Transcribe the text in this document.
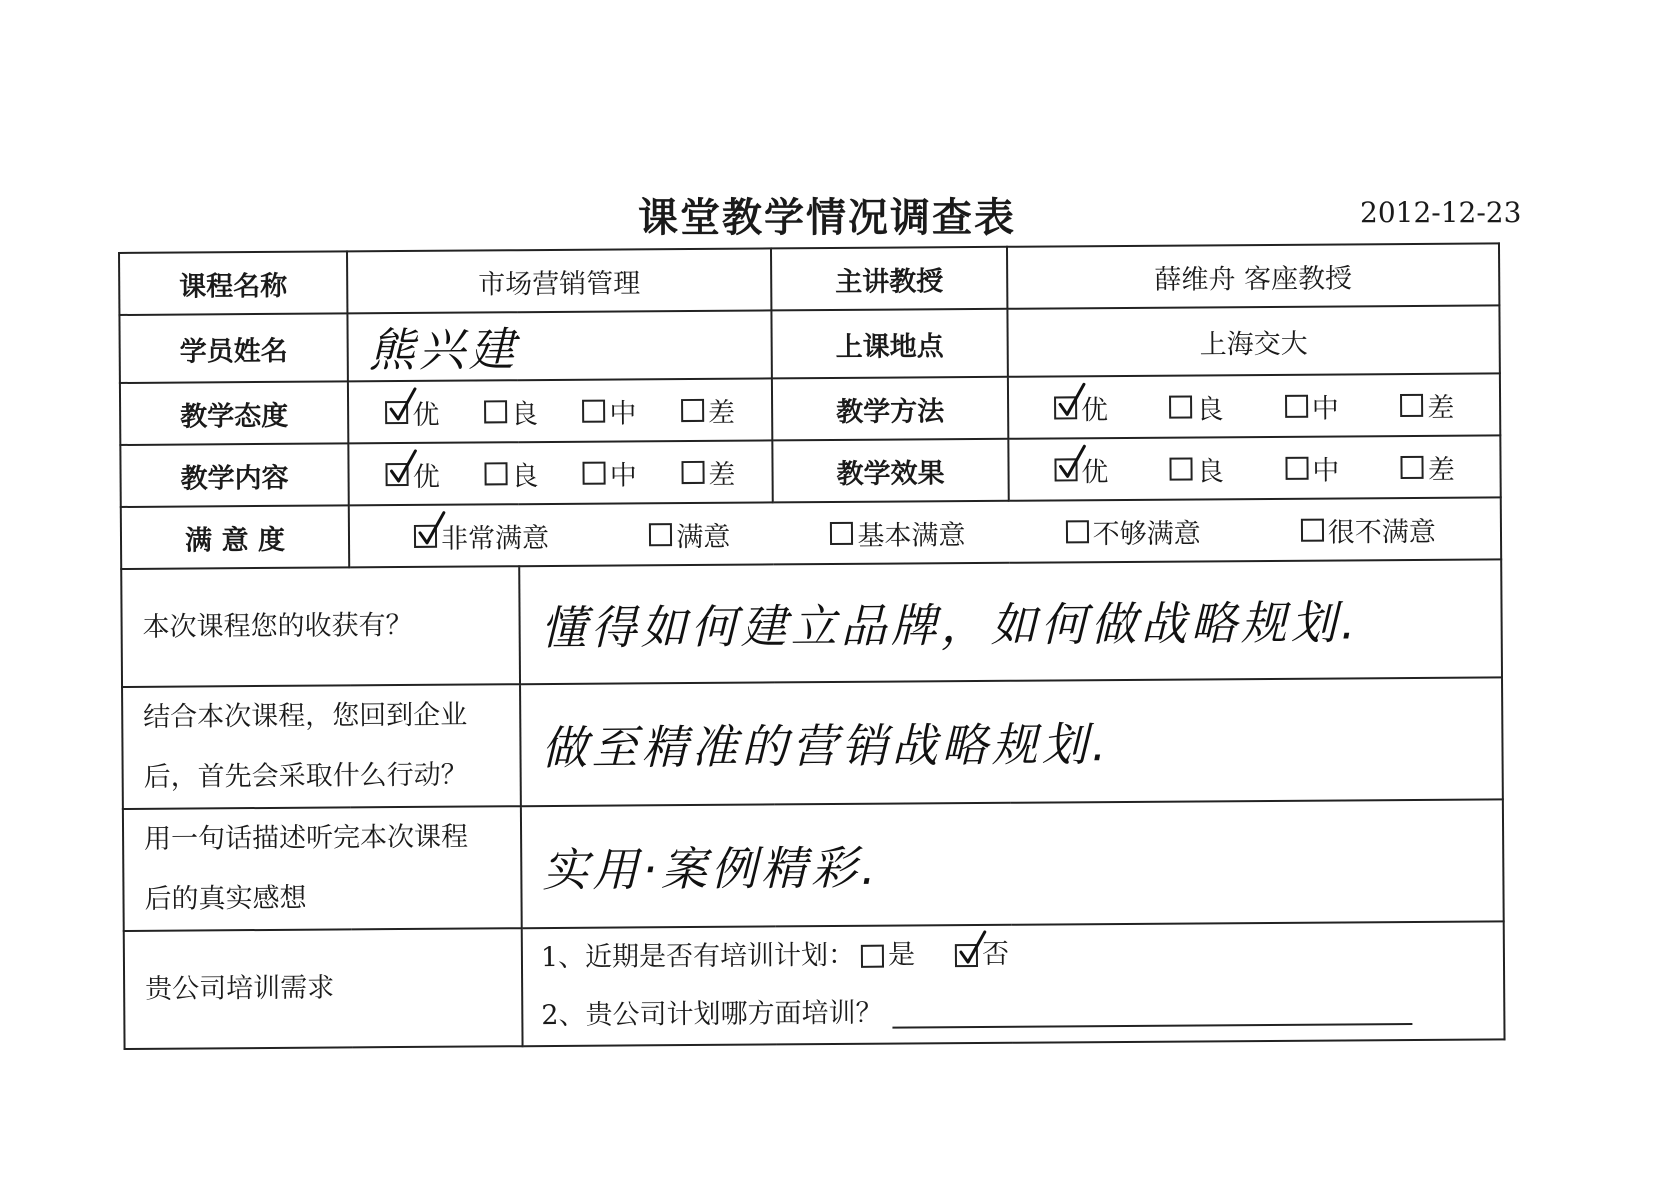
课堂教学情况调查表	2012-12-23
课程名称	市场营销管理		主讲教授	薛维舟 客座教授
学员姓名	熊兴建		上课地点	上海交大
教学态度	优 良 中 差		教学方法	优 良 中 差

教学内容	优 良 中 差		教学效果	优 良 中 差

满 意 度	非常满意 满意 基本满意 不够满意 很不满意			

本次课程您的收获有？		懂得如何建立品牌，如何做战略规划.		

结合本次课程，您回到企业
后，首先会采取什么行动？		做至精准的营销战略规划.		

用一句话描述听完本次课程
后的真实感想		实用·案例精彩.		
贵公司培训需求		1、近期是否有培训计划： 是 否
2、贵公司计划哪方面培训？		
